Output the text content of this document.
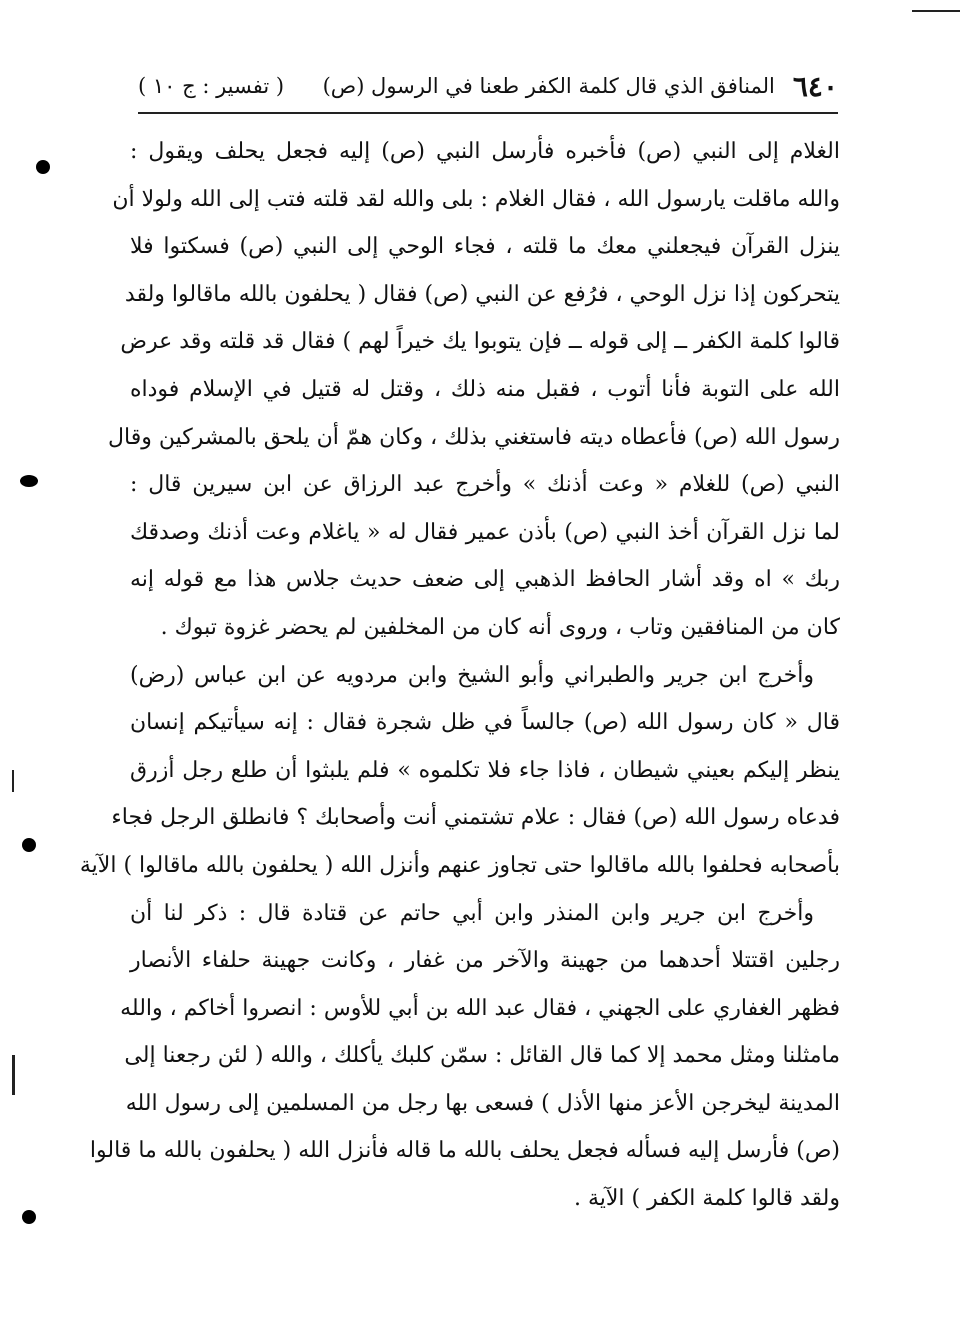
٦٤٠
المنافق الذي قال كلمة الكفر طعنا في الرسول (ص)
( تفسير : ج ١٠ )
الغلام إلى النبي (ص) فأخبره فأرسل النبي (ص) إليه فجعل يحلف ويقول :
والله ماقلت يارسول الله ، فقال الغلام : بلى والله لقد قلته فتب إلى الله ولولا أن
ينزل القرآن فيجعلني معك ما قلته ، فجاء الوحي إلى النبي (ص) فسكتوا فلا
يتحركون إذا نزل الوحي ، فرُفع عن النبي (ص) فقال ( يحلفون بالله ماقالوا ولقد
قالوا كلمة الكفر ــ إلى قوله ــ فإن يتوبوا يك خيراً لهم ) فقال قد قلته وقد عرض
الله على التوبة فأنا أتوب ، فقبل منه ذلك ، وقتل له قتيل في الإسلام فوداه
رسول الله (ص) فأعطاه ديته فاستغني بذلك ، وكان همّ أن يلحق بالمشركين وقال
النبي (ص) للغلام « وعت أذنك » وأخرج عبد الرزاق عن ابن سيرين قال :
لما نزل القرآن أخذ النبي (ص) بأذن عمير فقال له « ياغلام وعت أذنك وصدقك
ربك » اه وقد أشار الحافظ الذهبي إلى ضعف حديث جلاس هذا مع قوله إنه
كان من المنافقين وتاب ، وروى أنه كان من المخلفين لم يحضر غزوة تبوك .
وأخرج ابن جرير والطبراني وأبو الشيخ وابن مردويه عن ابن عباس (رض)
قال « كان رسول الله (ص) جالساً في ظل شجرة فقال : إنه سيأتيكم إنسان
ينظر إليكم بعيني شيطان ، فاذا جاء فلا تكلموه » فلم يلبثوا أن طلع رجل أزرق
فدعاه رسول الله (ص) فقال : علام تشتمني أنت وأصحابك ؟ فانطلق الرجل فجاء
بأصحابه فحلفوا بالله ماقالوا حتى تجاوز عنهم وأنزل الله ( يحلفون بالله ماقالوا ) الآية
وأخرج ابن جرير وابن المنذر وابن أبي حاتم عن قتادة قال : ذكر لنا أن
رجلين اقتتلا أحدهما من جهينة والآخر من غفار ، وكانت جهينة حلفاء الأنصار
فظهر الغفاري على الجهني ، فقال عبد الله بن أبي للأوس : انصروا أخاكم ، والله
مامثلنا ومثل محمد إلا كما قال القائل : سمّن كلبك يأكلك ، والله ( لئن رجعنا إلى
المدينة ليخرجن الأعز منها الأذل ) فسعى بها رجل من المسلمين إلى رسول الله
(ص) فأرسل إليه فسأله فجعل يحلف بالله ما قاله فأنزل الله ( يحلفون بالله ما قالوا
ولقد قالوا كلمة الكفر ) الآية .
